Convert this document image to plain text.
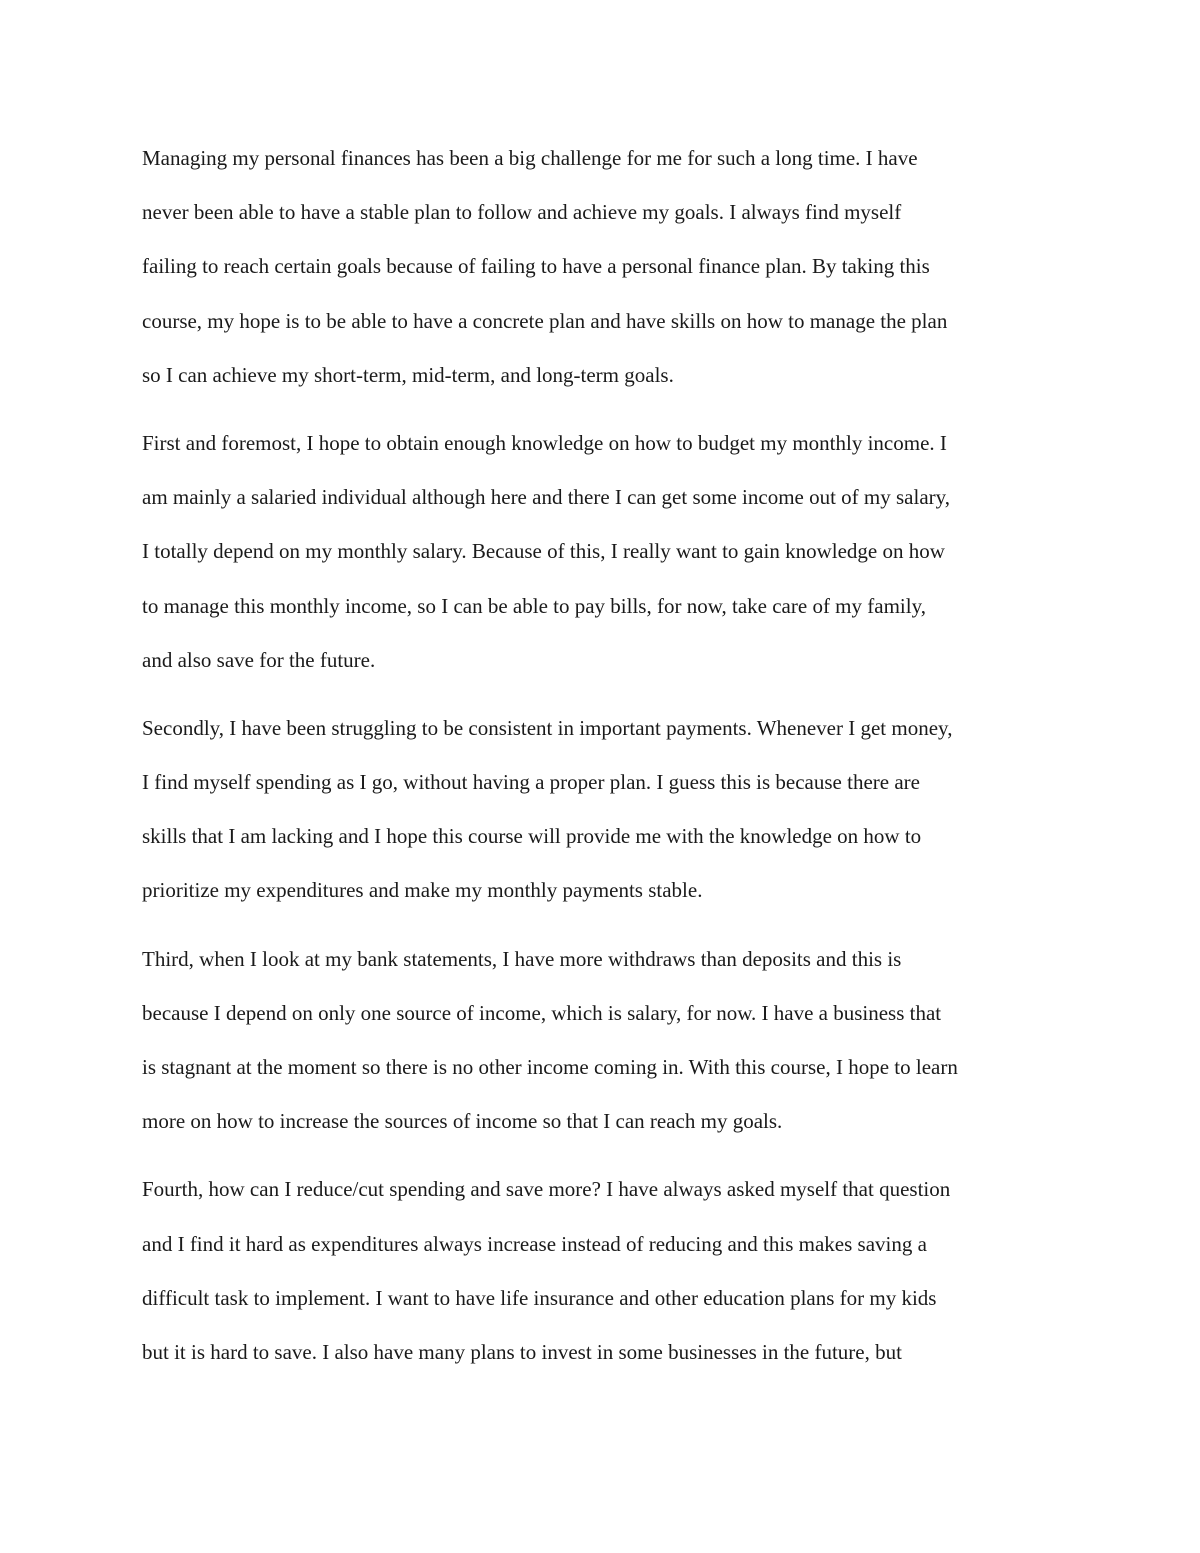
Managing my personal finances has been a big challenge for me for such a long time. I have
never been able to have a stable plan to follow and achieve my goals. I always find myself
failing to reach certain goals because of failing to have a personal finance plan. By taking this
course, my hope is to be able to have a concrete plan and have skills on how to manage the plan
so I can achieve my short-term, mid-term, and long-term goals.
First and foremost, I hope to obtain enough knowledge on how to budget my monthly income. I
am mainly a salaried individual although here and there I can get some income out of my salary,
I totally depend on my monthly salary. Because of this, I really want to gain knowledge on how
to manage this monthly income, so I can be able to pay bills, for now, take care of my family,
and also save for the future.
Secondly, I have been struggling to be consistent in important payments. Whenever I get money,
I find myself spending as I go, without having a proper plan. I guess this is because there are
skills that I am lacking and I hope this course will provide me with the knowledge on how to
prioritize my expenditures and make my monthly payments stable.
Third, when I look at my bank statements, I have more withdraws than deposits and this is
because I depend on only one source of income, which is salary, for now. I have a business that
is stagnant at the moment so there is no other income coming in. With this course, I hope to learn
more on how to increase the sources of income so that I can reach my goals.
Fourth, how can I reduce/cut spending and save more? I have always asked myself that question
and I find it hard as expenditures always increase instead of reducing and this makes saving a
difficult task to implement. I want to have life insurance and other education plans for my kids
but it is hard to save. I also have many plans to invest in some businesses in the future, but
